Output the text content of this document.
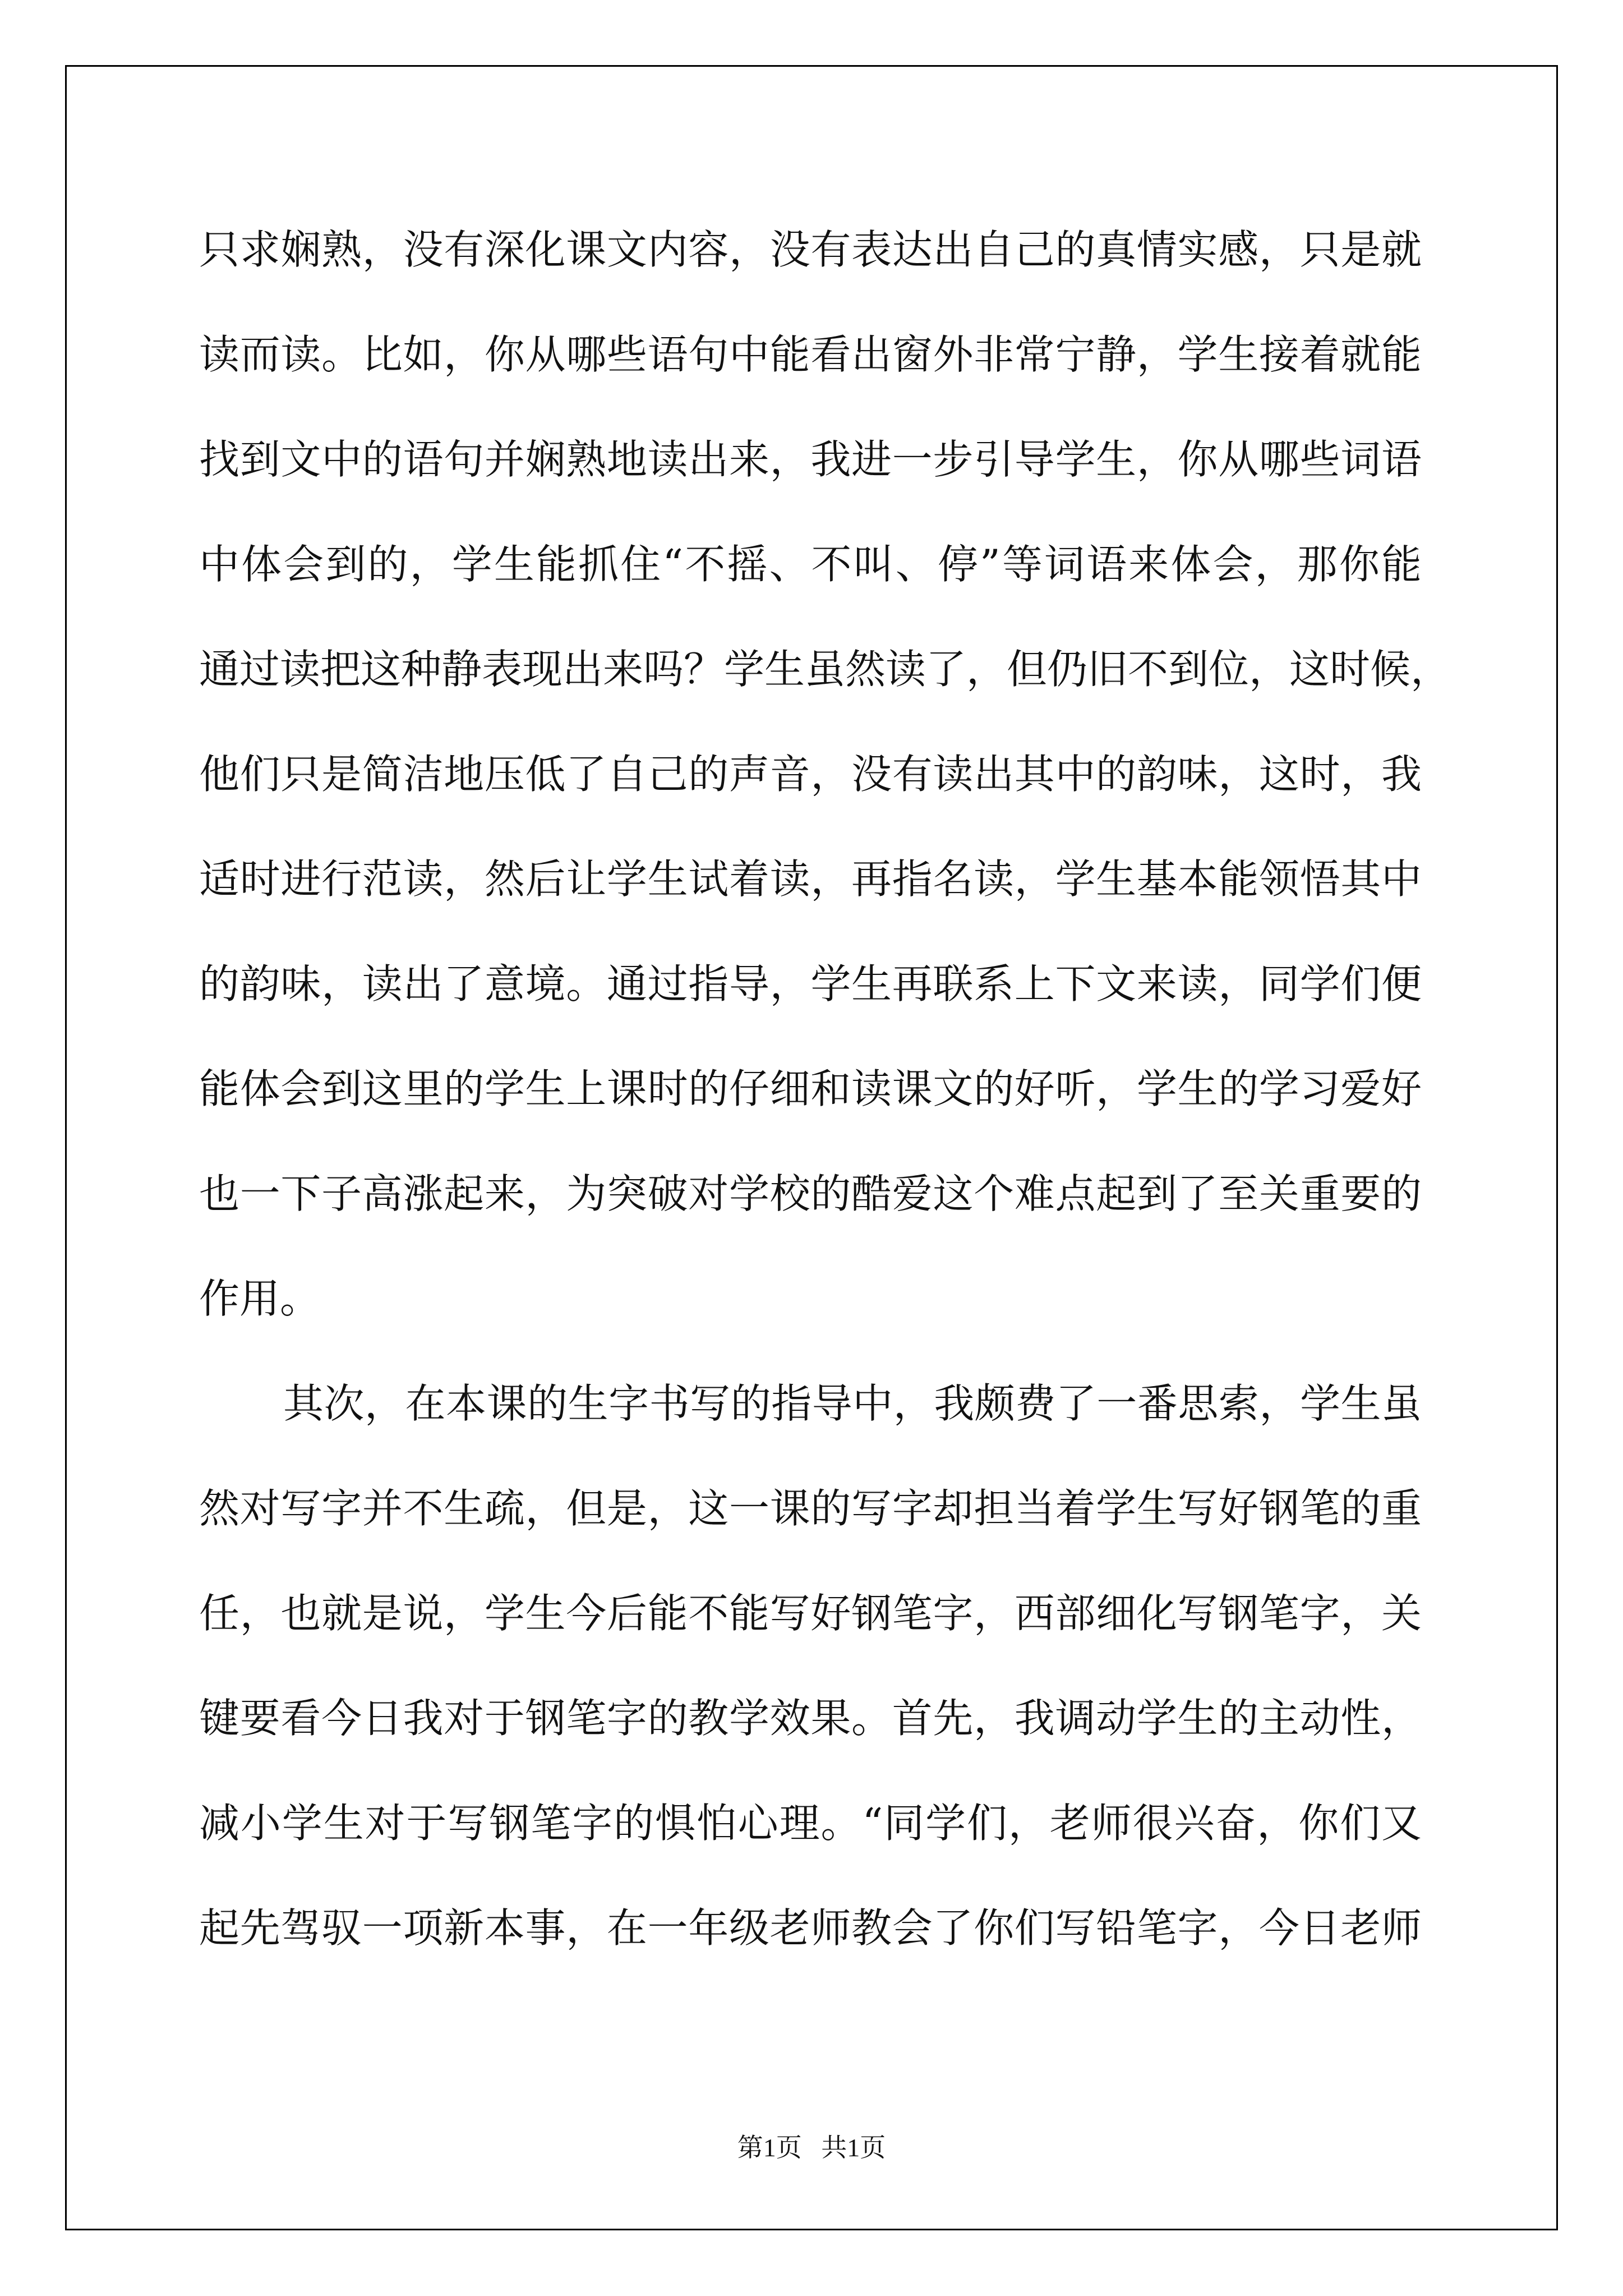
只求娴熟，没有深化课文内容，没有表达出自己的真情实感，只是就
读而读。比如，你从哪些语句中能看出窗外非常宁静，学生接着就能
找到文中的语句并娴熟地读出来，我进一步引导学生，你从哪些词语
中体会到的，学生能抓住“不摇、不叫、停”等词语来体会，那你能
通过读把这种静表现出来吗？学生虽然读了，但仍旧不到位，这时候，
他们只是简洁地压低了自己的声音，没有读出其中的韵味，这时，我
适时进行范读，然后让学生试着读，再指名读，学生基本能领悟其中
的韵味，读出了意境。通过指导，学生再联系上下文来读，同学们便
能体会到这里的学生上课时的仔细和读课文的好听，学生的学习爱好
也一下子高涨起来，为突破对学校的酷爱这个难点起到了至关重要的
作用。
其次，在本课的生字书写的指导中，我颇费了一番思索，学生虽
然对写字并不生疏，但是，这一课的写字却担当着学生写好钢笔的重
任，也就是说，学生今后能不能写好钢笔字，西部细化写钢笔字，关
键要看今日我对于钢笔字的教学效果。首先，我调动学生的主动性，
减小学生对于写钢笔字的惧怕心理。“同学们，老师很兴奋，你们又
起先驾驭一项新本事，在一年级老师教会了你们写铅笔字，今日老师
第1页   共1页
